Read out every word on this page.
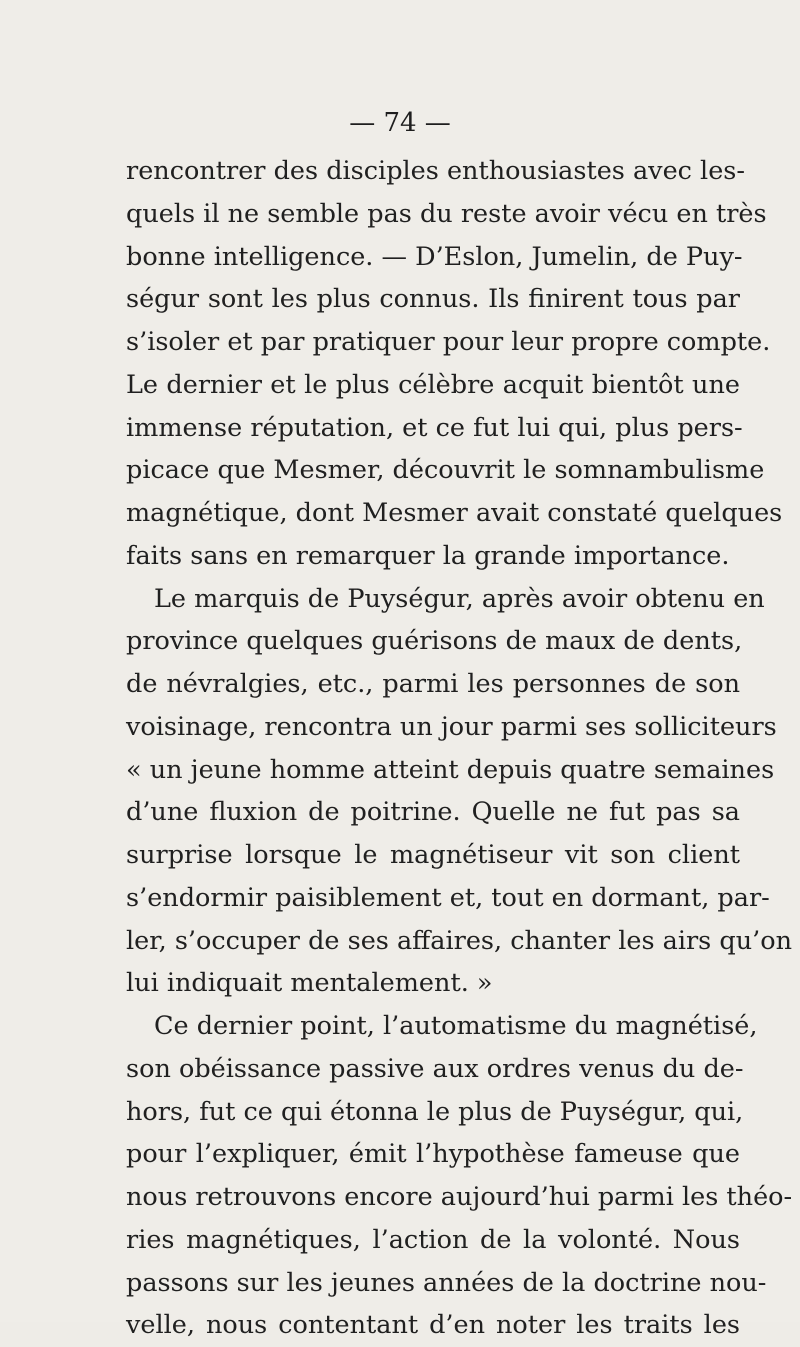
— 74 —
rencontrer des disciples enthousiastes avec les-
quels il ne semble pas du reste avoir vécu en très
bonne intelligence. — D’Eslon, Jumelin, de Puy-
ségur sont les plus connus. Ils finirent tous par
s’isoler et par pratiquer pour leur propre compte.
Le dernier et le plus célèbre acquit bientôt une
immense réputation, et ce fut lui qui, plus pers-
picace que Mesmer, découvrit le somnambulisme
magnétique, dont Mesmer avait constaté quelques
faits sans en remarquer la grande importance.
Le marquis de Puységur, après avoir obtenu en
province quelques guérisons de maux de dents,
de névralgies, etc., parmi les personnes de son
voisinage, rencontra un jour parmi ses solliciteurs
« un jeune homme atteint depuis quatre semaines
d’une fluxion de poitrine. Quelle ne fut pas sa
surprise lorsque le magnétiseur vit son client
s’endormir paisiblement et, tout en dormant, par-
ler, s’occuper de ses affaires, chanter les airs qu’on
lui indiquait mentalement. »
Ce dernier point, l’automatisme du magnétisé,
son obéissance passive aux ordres venus du de-
hors, fut ce qui étonna le plus de Puységur, qui,
pour l’expliquer, émit l’hypothèse fameuse que
nous retrouvons encore aujourd’hui parmi les théo-
ries magnétiques, l’action de la volonté. Nous
passons sur les jeunes années de la doctrine nou-
velle, nous contentant d’en noter les traits les
